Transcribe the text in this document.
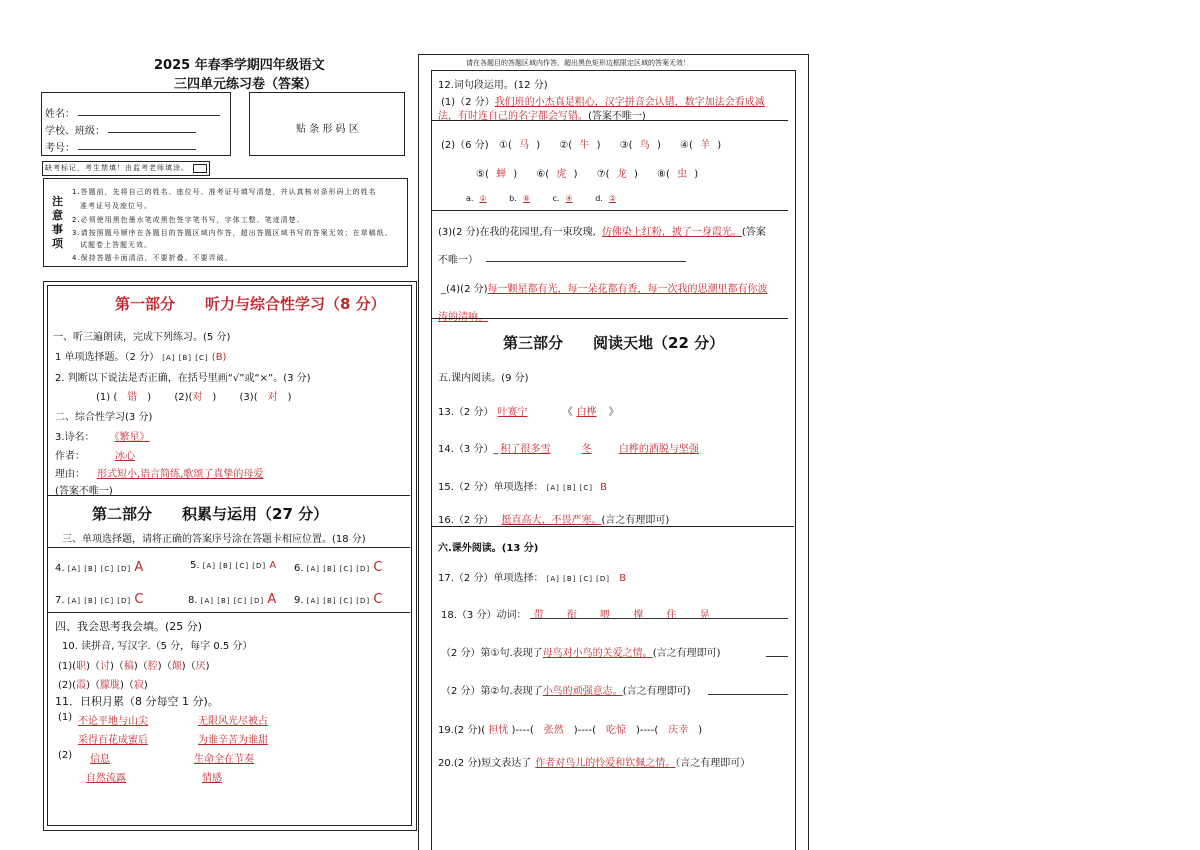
2025 年春季学期四年级语文
三四单元练习卷（答案）
姓名：
学校、班级：
考号：
贴 条 形 码 区
缺考标记，考生禁填！由监考老师填涂。
注意事项
1.答题前，先将自己的姓名、座位号、准考证号填写清楚，并认真核对条形码上的姓名
　准考证号及座位号。
2.必须使用黑色墨水笔或黑色签字笔书写，字体工整、笔迹清楚。
3.请按照题号顺序在各题目的答题区域内作答，超出答题区域书写的答案无效；在草稿纸、
　试题卷上答题无效。
4.保持答题卡面清洁，不要折叠、不要弄破。
第一部分　　听力与综合性学习（8 分）
一、听三遍朗读，完成下列练习。(5 分)
1 单项选择题。（2 分） [A] [B] [C] (B)
2. 判断以下说法是否正确，在括号里画“√”或“×”。(3 分)
(1) (　错　) (2)(对　) (3)(　对　)
二、综合性学习(3 分)
3.诗名： 《繁星》
作者：	冰心
理由： 形式短小,语言简练,歌颂了真挚的母爱
(答案不唯一)
第二部分　　积累与运用（27 分）
三、单项选择题，请将正确的答案序号涂在答题卡相应位置。(18 分)
4. [A] [B] [C] [D] A	5. [A] [B] [C] [D] A 6. [A] [B] [C] [D] C
7. [A] [B] [C] [D] C	8. [A] [B] [C] [D] A 9. [A] [B] [C] [D] C
四、我会思考我会填。(25 分)
10. 读拼音, 写汉字.（5 分，每字 0.5 分）
(1)(职)（讨)（稿)（腔)（颠)（厌)
(2)(霞)（朦胧)（寂)
11．日积月累（8 分每空 1 分)。
(1) 不论平地与山尖	无限风光尽被占
采得百花成蜜后	为谁辛苦为谁甜
(2)	信息	生命全在节奏
自然流露	情感
请在各题目的答题区域内作答，超出黑色矩形边框限定区域的答案无效！
12.词句段运用。(12 分)
(1)（2 分）我们班的小杰真是粗心，汉字拼音会认错，数字加法会看成减
法，有时连自己的名字都会写错。(答案不唯一)
(2)（6 分) ①( 马 ) ②( 牛 ) ③( 鸟 ) ④( 羊 )
⑤( 蝉 ) ⑥( 虎 ) ⑦( 龙 ) ⑧( 虫 )
a. ①	b. ⑧	c. ④	d. ②
(3)(2 分)在我的花园里,有一束玫瑰, 仿佛染上红粉，披了一身霞光。(答案
不唯一）
_(4)(2 分)每一颗星都有光，每一朵花都有香，每一次我的思潮里都有你波
涛的清响。
第三部分　　阅读天地（22 分）
五.课内阅读。(9 分)
13.（2 分） 叶赛宁	《 白桦 》
14.（3 分）_ 积了很多雪	冬	白桦的洒脱与坚强
15.（2 分）单项选择： [A] [B] [C] B
16.（2 分） 挺直高大，不畏严寒。(言之有理即可)
六.课外阅读。(13 分)
17.（2 分）单项选择： [A] [B] [C] [D] B
18.（3 分）动词： 带 衔 喂 撑 住 晃
（2 分）第①句.表现了母鸟对小鸟的关爱之情。(言之有理即可)
（2 分）第②句.表现了小鸟的顽强意志。(言之有理即可)
19.(2 分)( 担忧 )----(　 张然　 )----(　 吃惊　 )----(　 庆幸　 )
20.(2 分)短文表达了 作者对鸟儿的怜爱和钦佩之情。（言之有理即可）
